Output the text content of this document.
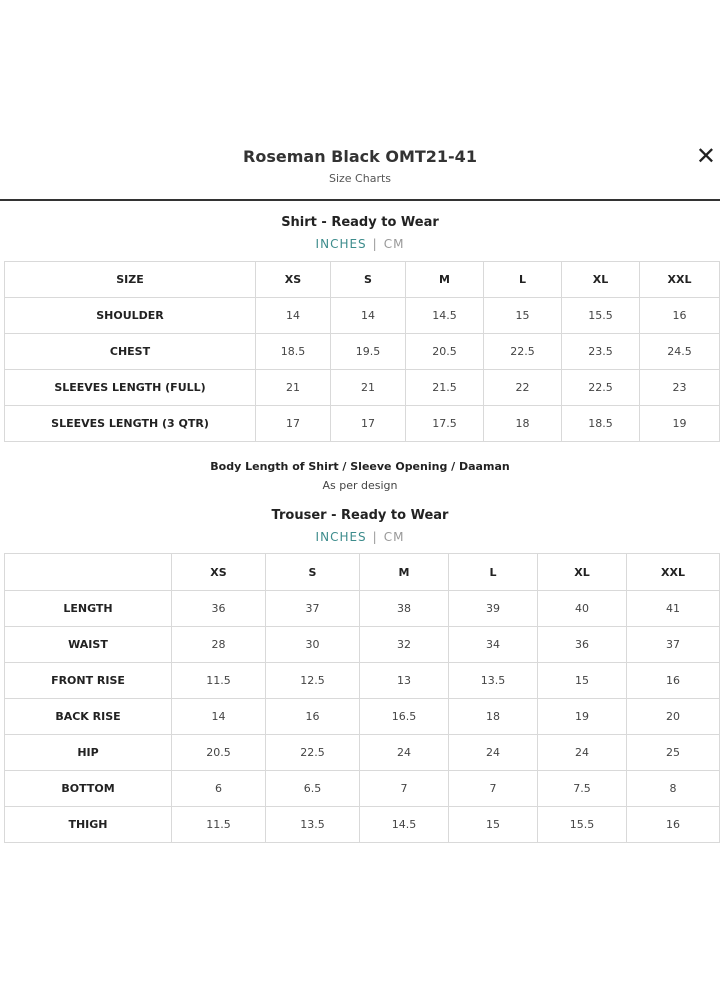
Roseman Black OMT21-41
Size Charts
✕
Shirt - Ready to Wear
INCHES | CM
SIZE	XS	S	M	L	XL	XXL
SHOULDER	14	14	14.5	15	15.5	16
CHEST	18.5	19.5	20.5	22.5	23.5	24.5
SLEEVES LENGTH (FULL)	21	21	21.5	22	22.5	23
SLEEVES LENGTH (3 QTR)	17	17	17.5	18	18.5	19
Body Length of Shirt / Sleeve Opening / Daaman
As per design
Trouser - Ready to Wear
INCHES | CM
	XS	S	M	L	XL	XXL
LENGTH	36	37	38	39	40	41
WAIST	28	30	32	34	36	37
FRONT RISE	11.5	12.5	13	13.5	15	16
BACK RISE	14	16	16.5	18	19	20
HIP	20.5	22.5	24	24	24	25
BOTTOM	6	6.5	7	7	7.5	8
THIGH	11.5	13.5	14.5	15	15.5	16
